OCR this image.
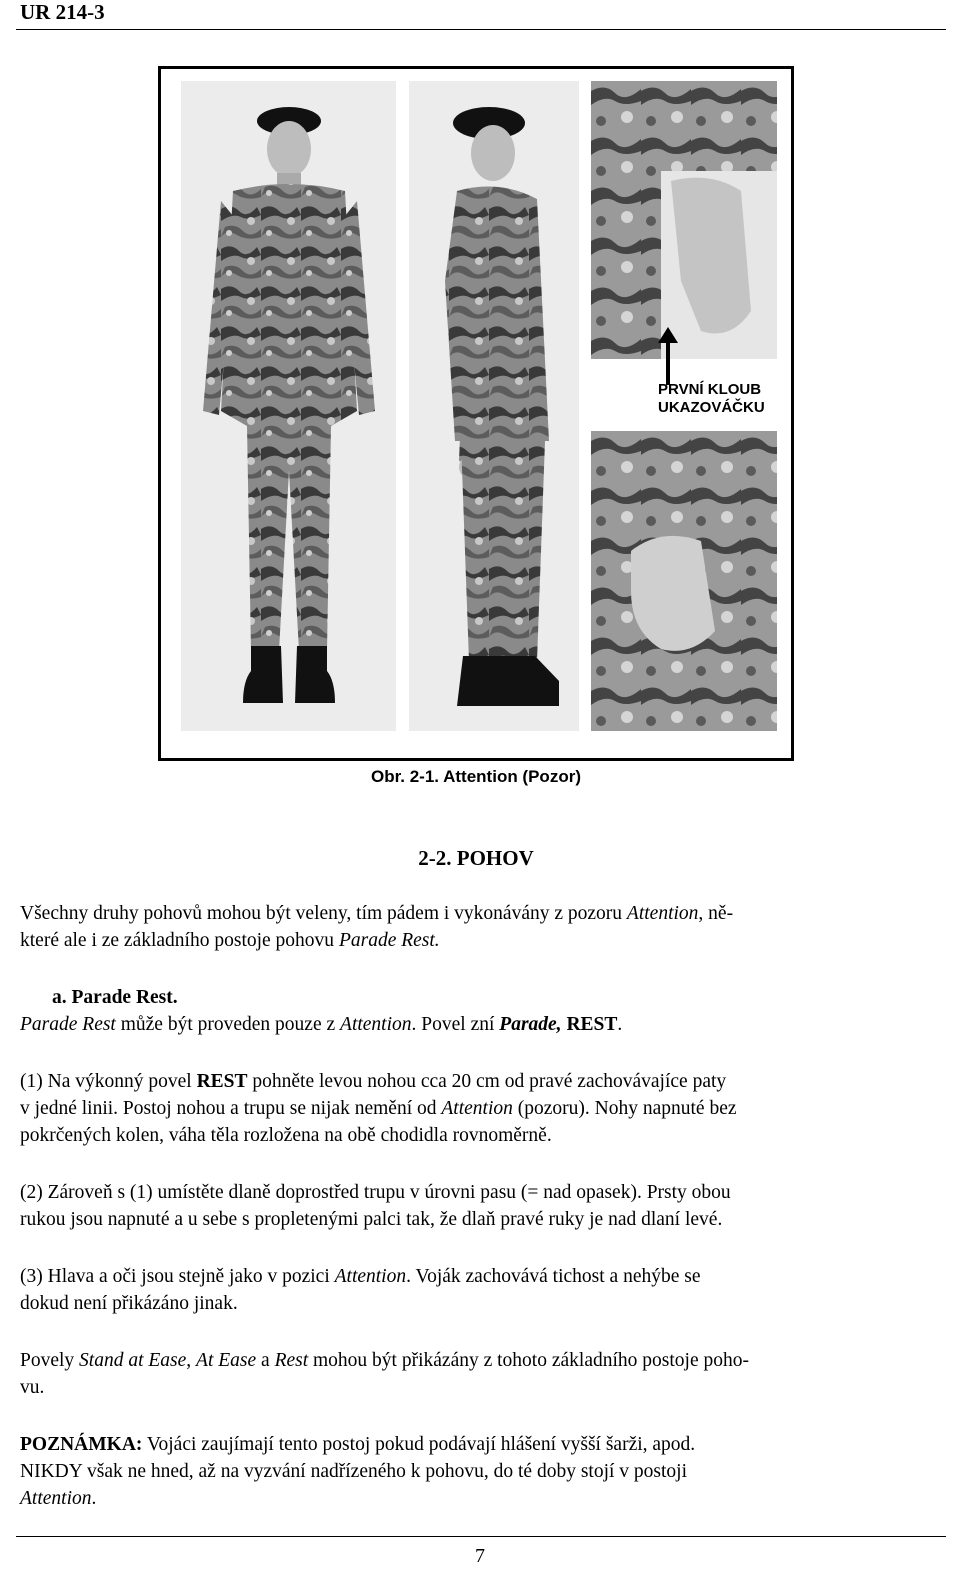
UR 214-3
PRVNÍ KLOUB
UKAZOVÁČKU
Obr. 2-1. Attention (Pozor)
2-2. POHOV
Všechny druhy pohovů mohou být veleny, tím pádem i vykonávány z pozoru Attention, ně-
které ale i ze základního postoje pohovu Parade Rest.
a. Parade Rest.
Parade Rest může být proveden pouze z Attention. Povel zní Parade, REST.
(1) Na výkonný povel REST pohněte levou nohou cca 20 cm od pravé zachovávajíce paty
v jedné linii. Postoj nohou a trupu se nijak nemění od Attention (pozoru). Nohy napnuté bez
pokrčených kolen, váha těla rozložena na obě chodidla rovnoměrně.
(2) Zároveň s (1) umístěte dlaně doprostřed trupu v úrovni pasu (= nad opasek). Prsty obou
rukou jsou napnuté a u sebe s propletenými palci tak, že dlaň pravé ruky je nad dlaní levé.
(3) Hlava a oči jsou stejně jako v pozici Attention. Voják zachovává tichost a nehýbe se
dokud není přikázáno jinak.
Povely Stand at Ease, At Ease a Rest mohou být přikázány z tohoto základního postoje poho-
vu.
POZNÁMKA: Vojáci zaujímají tento postoj pokud podávají hlášení vyšší šarži, apod.
NIKDY však ne hned, až na vyzvání nadřízeného k pohovu, do té doby stojí v postoji
Attention.
7
